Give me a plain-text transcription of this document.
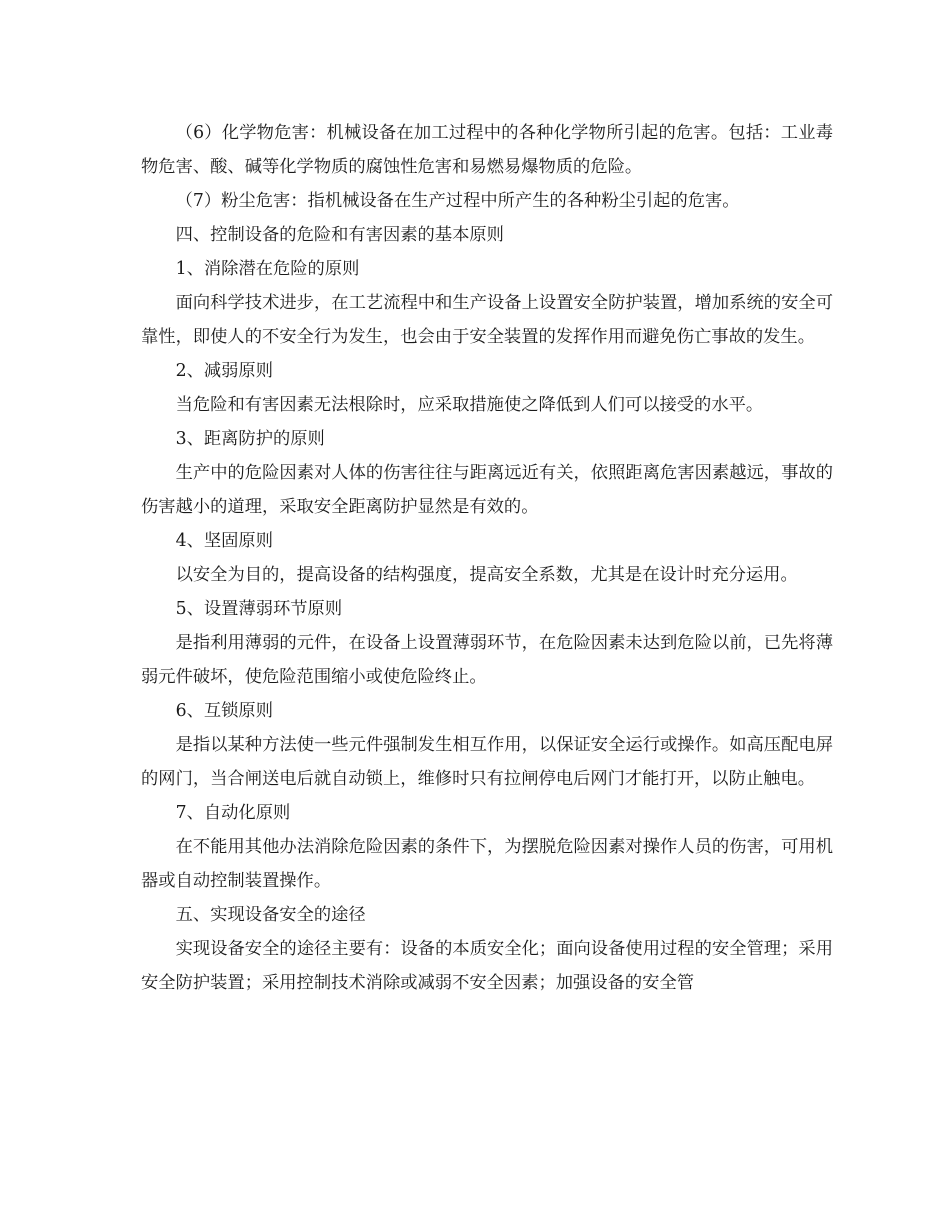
（6）化学物危害：机械设备在加工过程中的各种化学物所引起的危害。包括：工业毒物危害、酸、碱等化学物质的腐蚀性危害和易燃易爆物质的危险。

（7）粉尘危害：指机械设备在生产过程中所产生的各种粉尘引起的危害。

四、控制设备的危险和有害因素的基本原则

1、消除潜在危险的原则

面向科学技术进步，在工艺流程中和生产设备上设置安全防护装置，增加系统的安全可靠性，即使人的不安全行为发生，也会由于安全装置的发挥作用而避免伤亡事故的发生。

2、减弱原则

当危险和有害因素无法根除时，应采取措施使之降低到人们可以接受的水平。

3、距离防护的原则

生产中的危险因素对人体的伤害往往与距离远近有关，依照距离危害因素越远，事故的伤害越小的道理，采取安全距离防护显然是有效的。

4、坚固原则

以安全为目的，提高设备的结构强度，提高安全系数，尤其是在设计时充分运用。

5、设置薄弱环节原则

是指利用薄弱的元件，在设备上设置薄弱环节，在危险因素未达到危险以前，已先将薄弱元件破坏，使危险范围缩小或使危险终止。

6、互锁原则

是指以某种方法使一些元件强制发生相互作用，以保证安全运行或操作。如高压配电屏的网门，当合闸送电后就自动锁上，维修时只有拉闸停电后网门才能打开，以防止触电。

7、自动化原则

在不能用其他办法消除危险因素的条件下，为摆脱危险因素对操作人员的伤害，可用机器或自动控制装置操作。

五、实现设备安全的途径

实现设备安全的途径主要有：设备的本质安全化；面向设备使用过程的安全管理；采用安全防护装置；采用控制技术消除或减弱不安全因素；加强设备的安全管
